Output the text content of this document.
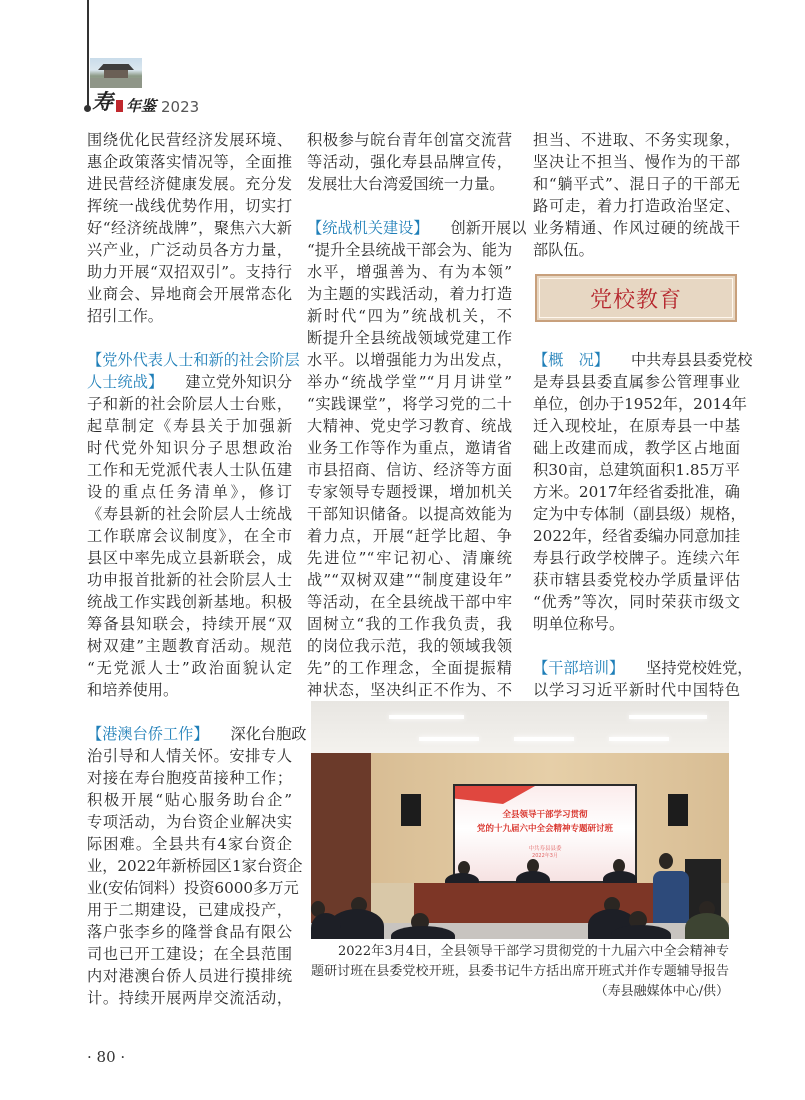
寿 年鉴 2023
围绕优化民营经济发展环境、
惠企政策落实情况等，全面推
进民营经济健康发展。充分发
挥统一战线优势作用，切实打
好“经济统战牌”，聚焦六大新
兴产业，广泛动员各方力量，
助力开展“双招双引”。支持行
业商会、异地商会开展常态化
招引工作。
【党外代表人士和新的社会阶层
人士统战】 建立党外知识分
子和新的社会阶层人士台账，
起草制定《寿县关于加强新
时代党外知识分子思想政治
工作和无党派代表人士队伍建
设的重点任务清单》，修订
《寿县新的社会阶层人士统战
工作联席会议制度》，在全市
县区中率先成立县新联会，成
功申报首批新的社会阶层人士
统战工作实践创新基地。积极
筹备县知联会，持续开展“双
树双建”主题教育活动。规范
“无党派人士”政治面貌认定
和培养使用。
【港澳台侨工作】 深化台胞政
治引导和人情关怀。安排专人
对接在寿台胞疫苗接种工作；
积极开展“贴心服务助台企”
专项活动，为台资企业解决实
际困难。全县共有4家台资企
业，2022年新桥园区1家台资企
业(安佑饲料）投资6000多万元
用于二期建设，已建成投产，
落户张李乡的隆誉食品有限公
司也已开工建设；在全县范围
内对港澳台侨人员进行摸排统
计。持续开展两岸交流活动，
积极参与皖台青年创富交流营
等活动，强化寿县品牌宣传，
发展壮大台湾爱国统一力量。
【统战机关建设】 创新开展以
“提升全县统战干部会为、能为
水平，增强善为、有为本领”
为主题的实践活动，着力打造
新时代“四为”统战机关，不
断提升全县统战领域党建工作
水平。以增强能力为出发点，
举办“统战学堂”“月月讲堂”
“实践课堂”，将学习党的二十
大精神、党史学习教育、统战
业务工作等作为重点，邀请省
市县招商、信访、经济等方面
专家领导专题授课，增加机关
干部知识储备。以提高效能为
着力点，开展“赶学比超、争
先进位”“牢记初心、清廉统
战”“双树双建”“制度建设年”
等活动，在全县统战干部中牢
固树立“我的工作我负责，我
的岗位我示范，我的领域我领
先”的工作理念，全面提振精
神状态，坚决纠正不作为、不
担当、不进取、不务实现象，
坚决让不担当、慢作为的干部
和“躺平式”、混日子的干部无
路可走，着力打造政治坚定、
业务精通、作风过硬的统战干
部队伍。
【概　况】 中共寿县县委党校
是寿县县委直属参公管理事业
单位，创办于1952年，2014年
迁入现校址，在原寿县一中基
础上改建而成，教学区占地面
积30亩，总建筑面积1.85万平
方米。2017年经省委批准，确
定为中专体制（副县级）规格，
2022年，经省委编办同意加挂
寿县行政学校牌子。连续六年
获市辖县委党校办学质量评估
“优秀”等次，同时荣获市级文
明单位称号。
【干部培训】 坚持党校姓党，
以学习习近平新时代中国特色
党校教育
全县领导干部学习贯彻
党的十九届六中全会精神专题研讨班
中共寿县县委
2022年3月
2022年3月4日，全县领导干部学习贯彻党的十九届六中全会精神专
题研讨班在县委党校开班，县委书记牛方括出席开班式并作专题辅导报告
（寿县融媒体中心/供）
· 80 ·
